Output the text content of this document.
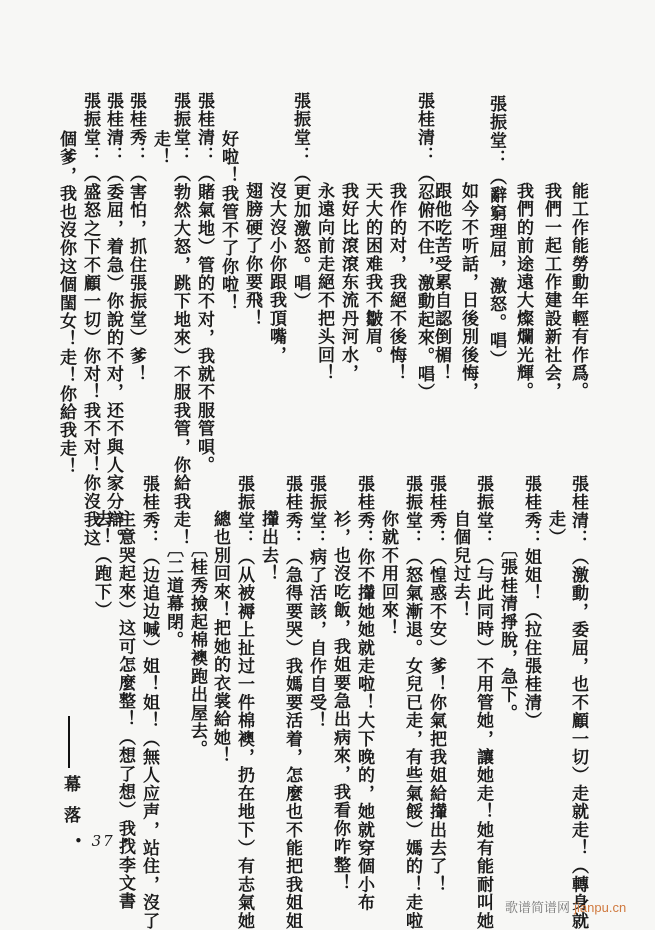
能工作能勞動年輕有作爲。
我們一起工作建設新社会，
我們的前途遠大燦爛光輝。
張振堂：（辭窮理屈，激怒。唱）
如今不听話，日後別後悔，
跟他吃苦受累自認倒楣！
張桂清：（忍俯不住，激動起來。唱）
我作的对，我絕不後悔！
天大的困难我不皺眉。
我好比滾滾东流丹河水，
永遠向前走絕不把头回！
張振堂：（更加激怒。唱）
沒大沒小你跟我頂嘴，
翅膀硬了你要飛！
好啦！我管不了你啦！
張桂清：（賭氣地）管的不对，我就不服管唄。
張振堂：（勃然大怒，跳下地來）不服我管，你給我走！
走！
張桂秀：（害怕，抓住張振堂）爹！
張桂清：（委屈，着急）你說的不对，还不與人家分辯。
張振堂：（盛怒之下不顧一切）你对！我不对！你沒我这
個爹，我也沒你这個閨女！走！你給我走！
張桂清：（激動，委屈，也不顧一切）走就走！（轉身就
走）
張桂秀：姐姐！（拉住張桂清）
〔張桂清掙脫，急下。
張振堂：（与此同時）不用管她，讓她走！她有能耐叫她
自個兒过去！
張桂秀：（惶惑不安）爹！你氣把我姐給攆出去了！
張振堂：（怒氣漸退。女兒已走，有些氣餒）媽的！走啦
你就不用回來！
張桂秀：你不攆她她就走啦！大下晚的，她就穿個小布
衫，也沒吃飯，我姐要急出病來，我看你咋整！
張振堂：病了活該，自作自受！
張桂秀：（急得要哭）我媽要活着，怎麼也不能把我姐姐
攆出去！
張振堂：（从被褥上扯过一件棉襖，扔在地下）有志氣她
總也別回來！把她的衣裳給她！
〔桂秀撿起棉襖跑出屋去。
〔二道幕閉。
張桂秀：（边追边喊）姐！姐！（無人应声，站住，沒了
主意哭起來）这可怎麼整！（想了想）我找李文書
去！（跑下）
幕落
• 37 •
歌谱简谱网 jianpu.cn
